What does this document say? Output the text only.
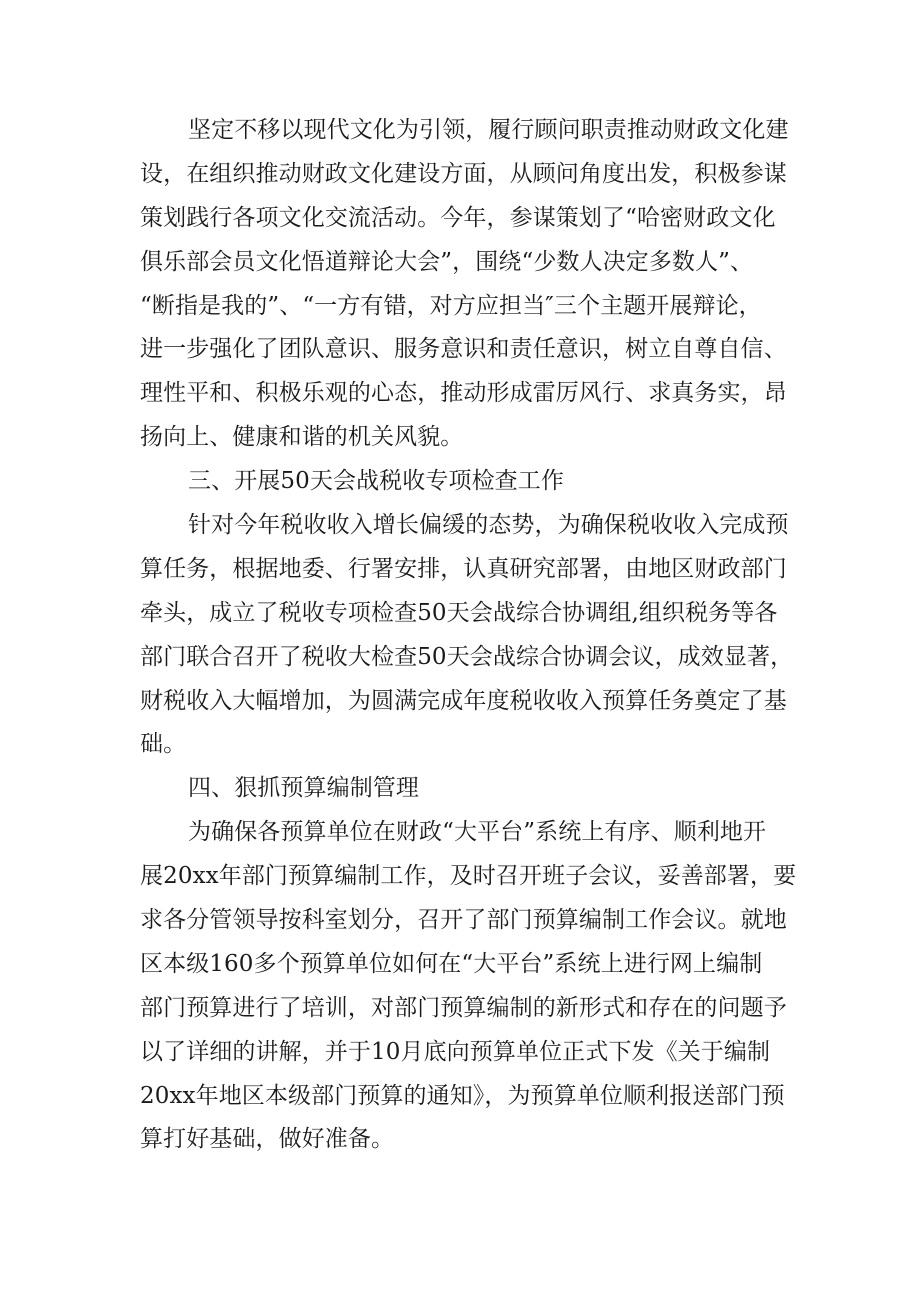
坚定不移以现代文化为引领，履行顾问职责推动财政文化建
设，在组织推动财政文化建设方面，从顾问角度出发，积极参谋
策划践行各项文化交流活动。今年，参谋策划了“哈密财政文化
俱乐部会员文化悟道辩论大会”，围绕“少数人决定多数人”、
“断指是我的”、“一方有错，对方应担当″三个主题开展辩论，
进一步强化了团队意识、服务意识和责任意识，树立自尊自信、
理性平和、积极乐观的心态，推动形成雷厉风行、求真务实，昂
扬向上、健康和谐的机关风貌。
三、开展50天会战税收专项检查工作
针对今年税收收入增长偏缓的态势，为确保税收收入完成预
算任务，根据地委、行署安排，认真研究部署，由地区财政部门
牵头，成立了税收专项检查50天会战综合协调组,组织税务等各
部门联合召开了税收大检查50天会战综合协调会议，成效显著，
财税收入大幅增加，为圆满完成年度税收收入预算任务奠定了基
础。
四、狠抓预算编制管理
为确保各预算单位在财政“大平台”系统上有序、顺利地开
展20xx年部门预算编制工作，及时召开班子会议，妥善部署，要
求各分管领导按科室划分，召开了部门预算编制工作会议。就地
区本级160多个预算单位如何在“大平台”系统上进行网上编制
部门预算进行了培训，对部门预算编制的新形式和存在的问题予
以了详细的讲解，并于10月底向预算单位正式下发《关于编制
20xx年地区本级部门预算的通知》，为预算单位顺利报送部门预
算打好基础，做好准备。
